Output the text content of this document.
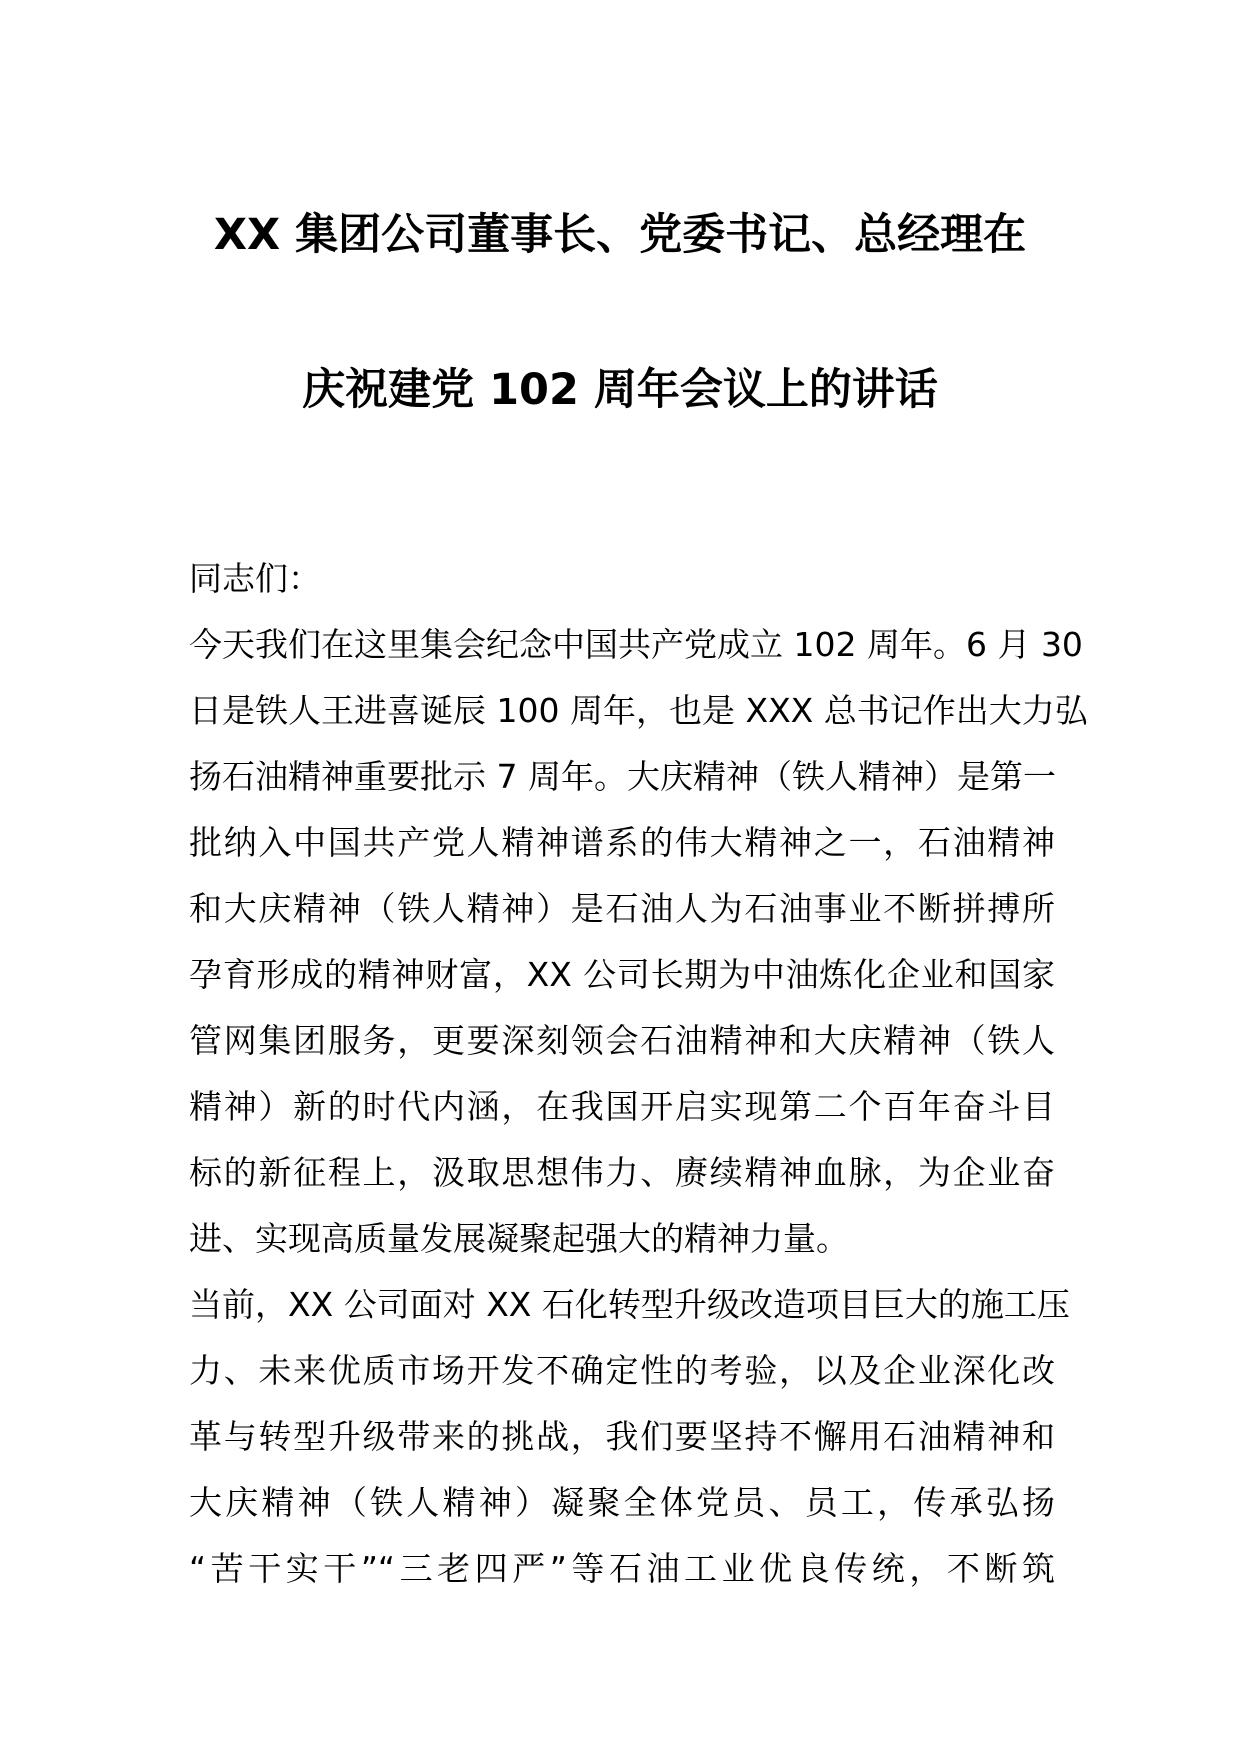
XX 集团公司董事长、党委书记、总经理在
庆祝建党 102 周年会议上的讲话

同志们：

今天我们在这里集会纪念中国共产党成立 102 周年。6 月 30
日是铁人王进喜诞辰 100 周年，也是 XXX 总书记作出大力弘
扬石油精神重要批示 7 周年。大庆精神（铁人精神）是第一
批纳入中国共产党人精神谱系的伟大精神之一，石油精神
和大庆精神（铁人精神）是石油人为石油事业不断拼搏所
孕育形成的精神财富，XX 公司长期为中油炼化企业和国家
管网集团服务，更要深刻领会石油精神和大庆精神（铁人
精神）新的时代内涵，在我国开启实现第二个百年奋斗目
标的新征程上，汲取思想伟力、赓续精神血脉，为企业奋
进、实现高质量发展凝聚起强大的精神力量。

当前，XX 公司面对 XX 石化转型升级改造项目巨大的施工压
力、未来优质市场开发不确定性的考验，以及企业深化改
革与转型升级带来的挑战，我们要坚持不懈用石油精神和
大庆精神（铁人精神）凝聚全体党员、员工，传承弘扬
“苦干实干”“三老四严”等石油工业优良传统，不断筑
